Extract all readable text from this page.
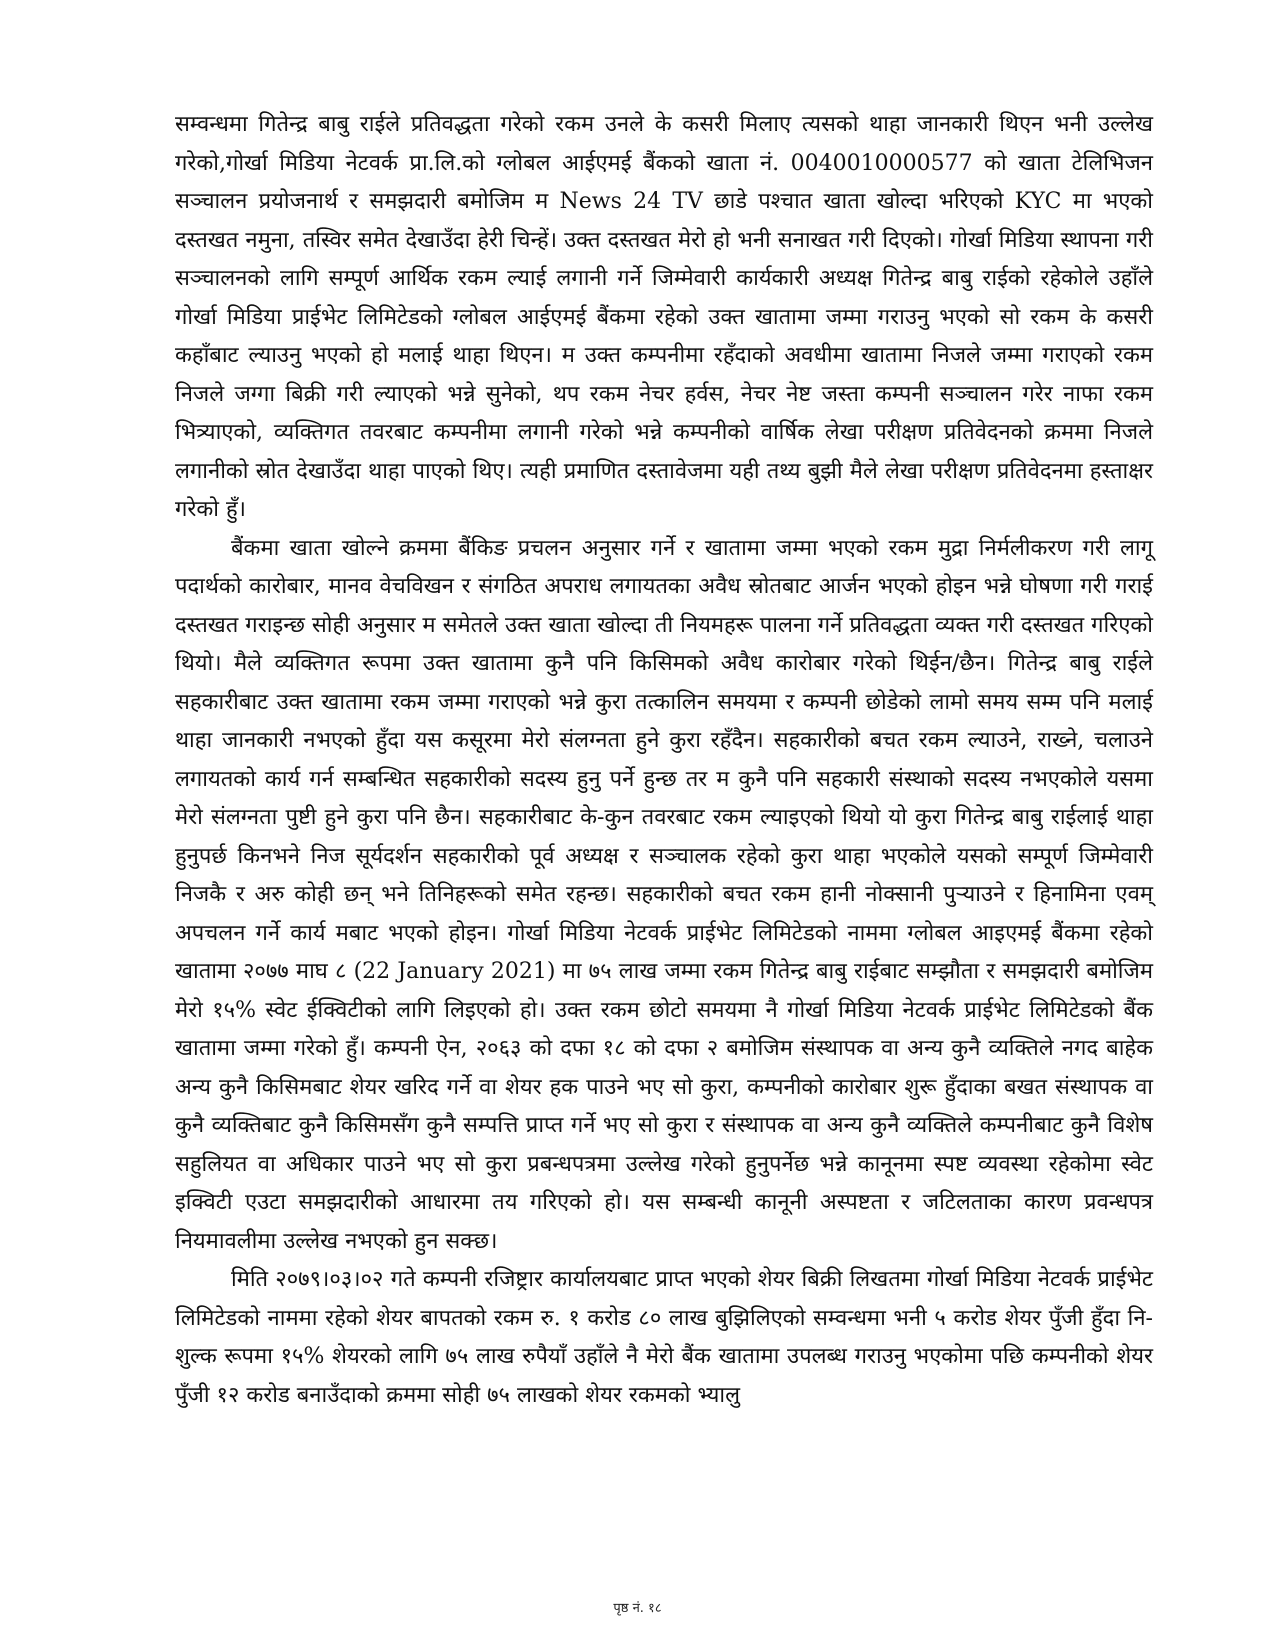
सम्वन्धमा गितेन्द्र बाबु राईले प्रतिवद्धता गरेको रकम उनले के कसरी मिलाए त्यसको थाहा जानकारी थिएन भनी उल्लेख गरेको,गोर्खा मिडिया नेटवर्क प्रा.लि.को ग्लोबल आईएमई बैंकको खाता नं. 0040010000577 को खाता टेलिभिजन सञ्चालन प्रयोजनार्थ र समझदारी बमोजिम म News 24 TV छाडे पश्चात खाता खोल्दा भरिएको KYC मा भएको दस्तखत नमुना, तस्विर समेत देखाउँदा हेरी चिन्हें। उक्त दस्तखत मेरो हो भनी सनाखत गरी दिएको। गोर्खा मिडिया स्थापना गरी सञ्चालनको लागि सम्पूर्ण आर्थिक रकम ल्याई लगानी गर्ने जिम्मेवारी कार्यकारी अध्यक्ष गितेन्द्र बाबु राईको रहेकोले उहाँले गोर्खा मिडिया प्राईभेट लिमिटेडको ग्लोबल आईएमई बैंकमा रहेको उक्त खातामा जम्मा गराउनु भएको सो रकम के कसरी कहाँबाट ल्याउनु भएको हो मलाई थाहा थिएन। म उक्त कम्पनीमा रहँदाको अवधीमा खातामा निजले जम्मा गराएको रकम निजले जग्गा बिक्री गरी ल्याएको भन्ने सुनेको, थप रकम नेचर हर्वस, नेचर नेष्ट जस्ता कम्पनी सञ्चालन गरेर नाफा रकम भित्र्याएको, व्यक्तिगत तवरबाट कम्पनीमा लगानी गरेको भन्ने कम्पनीको वार्षिक लेखा परीक्षण प्रतिवेदनको क्रममा निजले लगानीको स्रोत देखाउँदा थाहा पाएको थिए। त्यही प्रमाणित दस्तावेजमा यही तथ्य बुझी मैले लेखा परीक्षण प्रतिवेदनमा हस्ताक्षर गरेको हुँ।

बैंकमा खाता खोल्ने क्रममा बैंकिङ प्रचलन अनुसार गर्ने र खातामा जम्मा भएको रकम मुद्रा निर्मलीकरण गरी लागू पदार्थको कारोबार, मानव वेचविखन र संगठित अपराध लगायतका अवैध स्रोतबाट आर्जन भएको होइन भन्ने घोषणा गरी गराई दस्तखत गराइन्छ सोही अनुसार म समेतले उक्त खाता खोल्दा ती नियमहरू पालना गर्ने प्रतिवद्धता व्यक्त गरी दस्तखत गरिएको थियो। मैले व्यक्तिगत रूपमा उक्त खातामा कुनै पनि किसिमको अवैध कारोबार गरेको थिईन/छैन। गितेन्द्र बाबु राईले सहकारीबाट उक्त खातामा रकम जम्मा गराएको भन्ने कुरा तत्कालिन समयमा र कम्पनी छोडेको लामो समय सम्म पनि मलाई थाहा जानकारी नभएको हुँदा यस कसूरमा मेरो संलग्नता हुने कुरा रहँदैन। सहकारीको बचत रकम ल्याउने, राख्ने, चलाउने लगायतको कार्य गर्न सम्बन्धित सहकारीको सदस्य हुनु पर्ने हुन्छ तर म कुनै पनि सहकारी संस्थाको सदस्य नभएकोले यसमा मेरो संलग्नता पुष्टी हुने कुरा पनि छैन। सहकारीबाट के-कुन तवरबाट रकम ल्याइएको थियो यो कुरा गितेन्द्र बाबु राईलाई थाहा हुनुपर्छ किनभने निज सूर्यदर्शन सहकारीको पूर्व अध्यक्ष र सञ्चालक रहेको कुरा थाहा भएकोले यसको सम्पूर्ण जिम्मेवारी निजकै र अरु कोही छन् भने तिनिहरूको समेत रहन्छ। सहकारीको बचत रकम हानी नोक्सानी पुऱ्याउने र हिनामिना एवम् अपचलन गर्ने कार्य मबाट भएको होइन। गोर्खा मिडिया नेटवर्क प्राईभेट लिमिटेडको नाममा ग्लोबल आइएमई बैंकमा रहेको खातामा २०७७ माघ ८ (22 January 2021) मा ७५ लाख जम्मा रकम गितेन्द्र बाबु राईबाट सम्झौता र समझदारी बमोजिम मेरो १५% स्वेट ईक्विटीको लागि लिइएको हो। उक्त रकम छोटो समयमा नै गोर्खा मिडिया नेटवर्क प्राईभेट लिमिटेडको बैंक खातामा जम्मा गरेको हुँ। कम्पनी ऐन, २०६३ को दफा १८ को दफा २ बमोजिम संस्थापक वा अन्य कुनै व्यक्तिले नगद बाहेक अन्य कुनै किसिमबाट शेयर खरिद गर्ने वा शेयर हक पाउने भए सो कुरा, कम्पनीको कारोबार शुरू हुँदाका बखत संस्थापक वा कुनै व्यक्तिबाट कुनै किसिमसँग कुनै सम्पत्ति प्राप्त गर्ने भए सो कुरा र संस्थापक वा अन्य कुनै व्यक्तिले कम्पनीबाट कुनै विशेष सहुलियत वा अधिकार पाउने भए सो कुरा प्रबन्धपत्रमा उल्लेख गरेको हुनुपर्नेछ भन्ने कानूनमा स्पष्ट व्यवस्था रहेकोमा स्वेट इक्विटी एउटा समझदारीको आधारमा तय गरिएको हो। यस सम्बन्धी कानूनी अस्पष्टता र जटिलताका कारण प्रवन्धपत्र नियमावलीमा उल्लेख नभएको हुन सक्छ।

मिति २०७९।०३।०२ गते कम्पनी रजिष्ट्रार कार्यालयबाट प्राप्त भएको शेयर बिक्री लिखतमा गोर्खा मिडिया नेटवर्क प्राईभेट लिमिटेडको नाममा रहेको शेयर बापतको रकम रु. १ करोड ८० लाख बुझिलिएको सम्वन्धमा भनी ५ करोड शेयर पुँजी हुँदा नि-शुल्क रूपमा १५% शेयरको लागि ७५ लाख रुपैयाँ उहाँले नै मेरो बैंक खातामा उपलब्ध गराउनु भएकोमा पछि कम्पनीको शेयर पुँजी १२ करोड बनाउँदाको क्रममा सोही ७५ लाखको शेयर रकमको भ्यालु

पृष्ठ नं. १८
